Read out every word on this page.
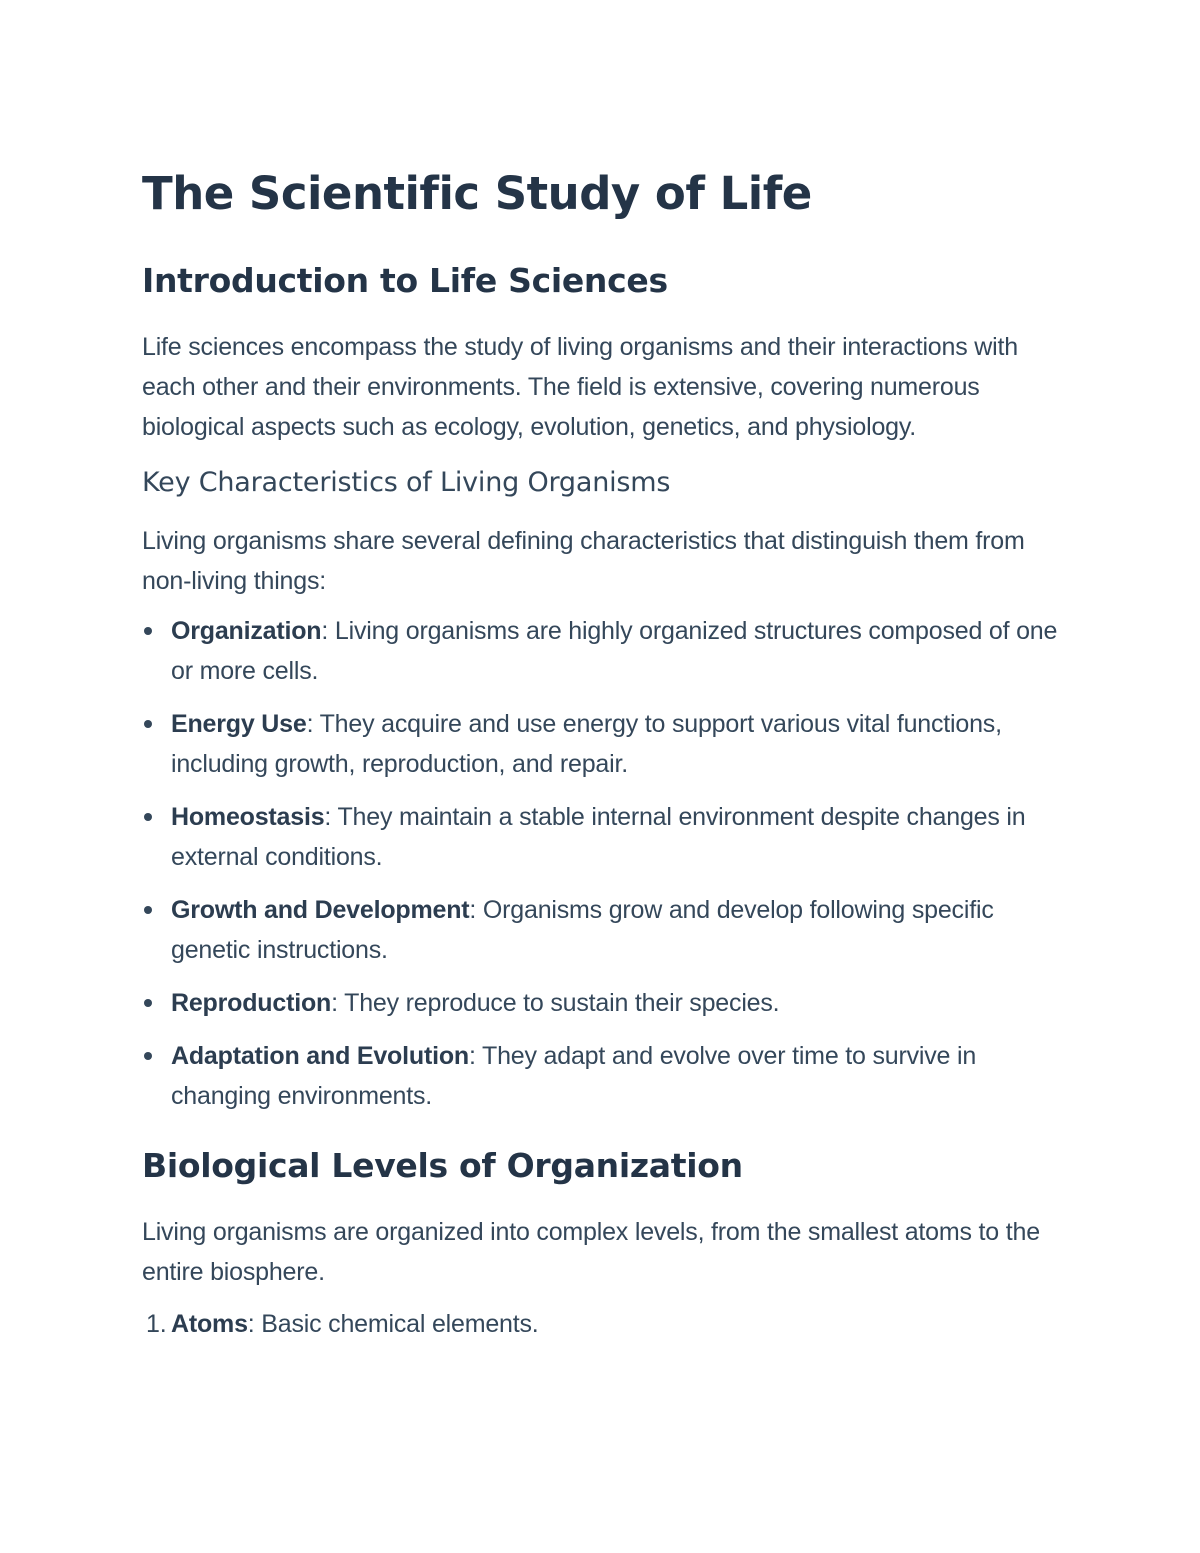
The Scientific Study of Life
Introduction to Life Sciences

Life sciences encompass the study of living organisms and their interactions with each other and their environments. The field is extensive, covering numerous biological aspects such as ecology, evolution, genetics, and physiology.

Key Characteristics of Living Organisms

Living organisms share several defining characteristics that distinguish them from non-living things:

Organization: Living organisms are highly organized structures composed of one or more cells.
Energy Use: They acquire and use energy to support various vital functions, including growth, reproduction, and repair.
Homeostasis: They maintain a stable internal environment despite changes in external conditions.
Growth and Development: Organisms grow and develop following specific genetic instructions.
Reproduction: They reproduce to sustain their species.
Adaptation and Evolution: They adapt and evolve over time to survive in changing environments.
Biological Levels of Organization

Living organisms are organized into complex levels, from the smallest atoms to the entire biosphere.

1. Atoms: Basic chemical elements.
